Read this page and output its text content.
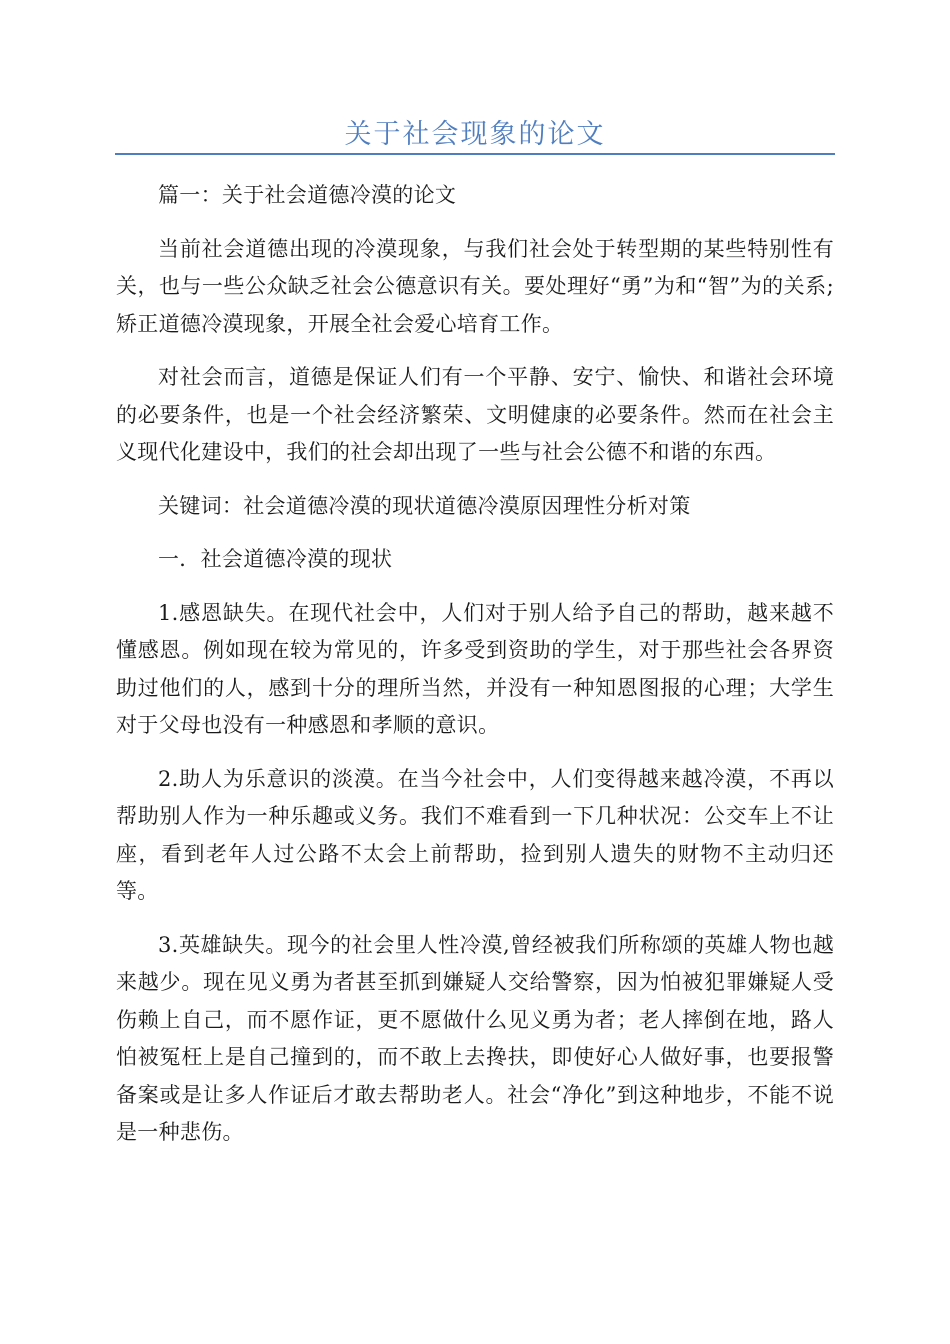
关于社会现象的论文

篇一：关于社会道德冷漠的论文

当前社会道德出现的冷漠现象，与我们社会处于转型期的某些特别性有关，也与一些公众缺乏社会公德意识有关。要处理好“勇”为和“智”为的关系;矫正道德冷漠现象，开展全社会爱心培育工作。

对社会而言，道德是保证人们有一个平静、安宁、愉快、和谐社会环境的必要条件，也是一个社会经济繁荣、文明健康的必要条件。然而在社会主义现代化建设中，我们的社会却出现了一些与社会公德不和谐的东西。

关键词：社会道德冷漠的现状道德冷漠原因理性分析对策

一．社会道德冷漠的现状

1.感恩缺失。在现代社会中，人们对于别人给予自己的帮助，越来越不懂感恩。例如现在较为常见的，许多受到资助的学生，对于那些社会各界资助过他们的人，感到十分的理所当然，并没有一种知恩图报的心理；大学生对于父母也没有一种感恩和孝顺的意识。

2.助人为乐意识的淡漠。在当今社会中，人们变得越来越冷漠，不再以帮助别人作为一种乐趣或义务。我们不难看到一下几种状况：公交车上不让座，看到老年人过公路不太会上前帮助，捡到别人遗失的财物不主动归还等。

3.英雄缺失。现今的社会里人性冷漠,曾经被我们所称颂的英雄人物也越来越少。现在见义勇为者甚至抓到嫌疑人交给警察，因为怕被犯罪嫌疑人受伤赖上自己，而不愿作证，更不愿做什么见义勇为者；老人摔倒在地，路人怕被冤枉上是自己撞到的，而不敢上去搀扶，即使好心人做好事，也要报警备案或是让多人作证后才敢去帮助老人。社会“净化”到这种地步，不能不说是一种悲伤。
